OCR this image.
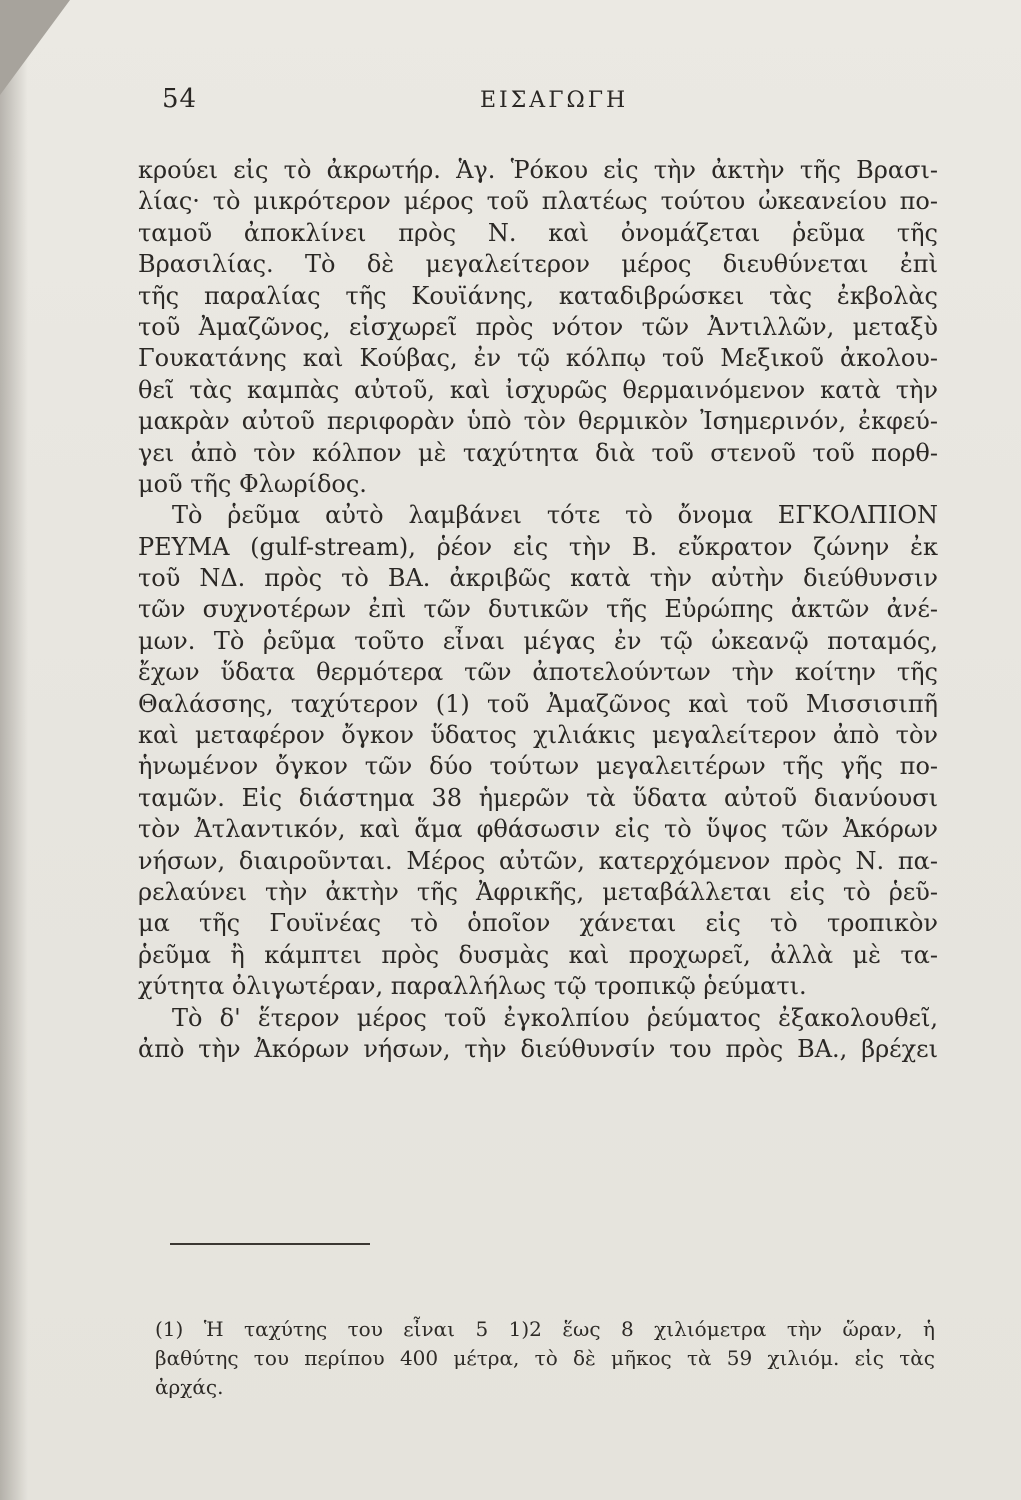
54	ΕΙΣΑΓΩΓΗ
κρούει εἰς τὸ ἀκρωτήρ. Ἁγ. Ῥόκου εἰς τὴν ἀκτὴν τῆς Βρασι-
λίας· τὸ μικρότερον μέρος τοῦ πλατέως τούτου ὠκεανείου πο-
ταμοῦ ἀποκλίνει πρὸς Ν. καὶ ὀνομάζεται ῥεῦμα τῆς
Βρασιλίας. Τὸ δὲ μεγαλείτερον μέρος διευθύνεται ἐπὶ
τῆς παραλίας τῆς Κουϊάνης, καταδιβρώσκει τὰς ἐκβολὰς
τοῦ Ἀμαζῶνος, εἰσχωρεῖ πρὸς νότον τῶν Ἀντιλλῶν, μεταξὺ
Γουκατάνης καὶ Κούβας, ἐν τῷ κόλπῳ τοῦ Μεξικοῦ ἀκολου-
θεῖ τὰς καμπὰς αὐτοῦ, καὶ ἰσχυρῶς θερμαινόμενον κατὰ τὴν
μακρὰν αὐτοῦ περιφορὰν ὑπὸ τὸν θερμικὸν Ἰσημερινόν, ἐκφεύ-
γει ἀπὸ τὸν κόλπον μὲ ταχύτητα διὰ τοῦ στενοῦ τοῦ πορθ-
μοῦ τῆς Φλωρίδος.
Τὸ ῥεῦμα αὐτὸ λαμβάνει τότε τὸ ὄνομα ΕΓΚΟΛΠΙΟΝ
ΡΕΥΜΑ (gulf-stream), ῥέον εἰς τὴν Β. εὔκρατον ζώνην ἐκ
τοῦ ΝΔ. πρὸς τὸ ΒΑ. ἀκριβῶς κατὰ τὴν αὐτὴν διεύθυνσιν
τῶν συχνοτέρων ἐπὶ τῶν δυτικῶν τῆς Εὐρώπης ἀκτῶν ἀνέ-
μων. Τὸ ῥεῦμα τοῦτο εἶναι μέγας ἐν τῷ ὠκεανῷ ποταμός,
ἔχων ὕδατα θερμότερα τῶν ἀποτελούντων τὴν κοίτην τῆς
Θαλάσσης, ταχύτερον (1) τοῦ Ἀμαζῶνος καὶ τοῦ Μισσισιπῆ
καὶ μεταφέρον ὄγκον ὕδατος χιλιάκις μεγαλείτερον ἀπὸ τὸν
ἡνωμένον ὄγκον τῶν δύο τούτων μεγαλειτέρων τῆς γῆς πο-
ταμῶν. Εἰς διάστημα 38 ἡμερῶν τὰ ὕδατα αὐτοῦ διανύουσι
τὸν Ἀτλαντικόν, καὶ ἅμα φθάσωσιν εἰς τὸ ὕψος τῶν Ἀκόρων
νήσων, διαιροῦνται. Μέρος αὐτῶν, κατερχόμενον πρὸς Ν. πα-
ρελαύνει τὴν ἀκτὴν τῆς Ἀφρικῆς, μεταβάλλεται εἰς τὸ ῥεῦ-
μα τῆς Γουϊνέας τὸ ὁποῖον χάνεται εἰς τὸ τροπικὸν
ῥεῦμα ἢ κάμπτει πρὸς δυσμὰς καὶ προχωρεῖ, ἀλλὰ μὲ τα-
χύτητα ὀλιγωτέραν, παραλλήλως τῷ τροπικῷ ῥεύματι.
Τὸ δ' ἕτερον μέρος τοῦ ἐγκολπίου ῥεύματος ἐξακολουθεῖ,
ἀπὸ τὴν Ἀκόρων νήσων, τὴν διεύθυνσίν του πρὸς ΒΑ., βρέχει
(1) Ἡ ταχύτης του εἶναι 5 1)2 ἕως 8 χιλιόμετρα τὴν ὥραν, ἡ
βαθύτης του περίπου 400 μέτρα, τὸ δὲ μῆκος τὰ 59 χιλιόμ. εἰς τὰς
ἀρχάς.
